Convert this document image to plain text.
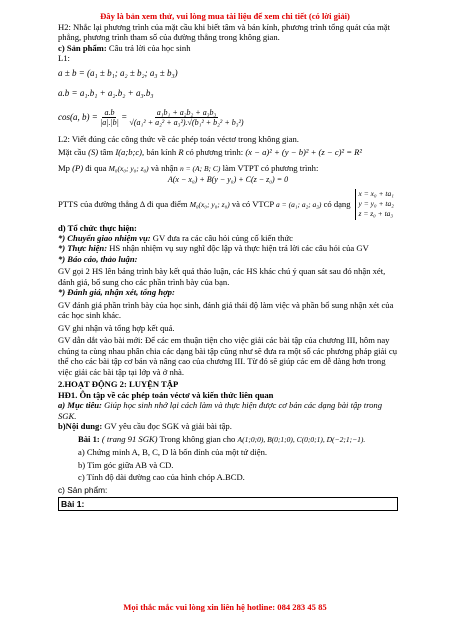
Đây là bản xem thử, vui lòng mua tài liệu để xem chi tiết (có lời giải)

H2: Nhắc lại phương trình của mặt cầu khi biết tâm và bán kính, phương trình tổng quát của mặt phẳng, phương trình tham số của đường thẳng trong không gian.

c) Sản phẩm: Câu trả lời của học sinh

L1:

a ± b = (a₁ ± b₁; a₂ ± b₂; a₃ ± b₃)
a.b = a₁.b₁ + a₂.b₂ + a₃.b₃
cos(a, b) =
$\frac{a.b}{|a|.|b|}$
=
$\frac{\text{a₁b₁ + a₂b₂ + a₃b₃}}{\text{√(a₁² + a₂² + a₃²).√(b₁² + b₂² + b₃²)}}$

L2: Viết đúng các công thức về các phép toán véctơ trong không gian.

Mặt cầu (S) tâm I(a;b;c), bán kính R có phương trình: (x − a)² + (y − b)² + (z − c)² = R²

Mp (P) đi qua M₀(x₀; y₀; z₀) và nhận n = (A; B; C) làm VTPT có phương trình:

A(x − x₀) + B(y − y₀) + C(z − z₀) = 0

PTTS của đường thẳng Δ đi qua điểm M₀(x₀; y₀; z₀) và có VTCP a = (a₁; a₂; a₃) có dạng
x = x₀ + ta₁
y = y₀ + ta₂
z = z₀ + ta₃

d) Tổ chức thực hiện:

*) Chuyển giao nhiệm vụ: GV đưa ra các câu hỏi củng cố kiến thức

*) Thực hiện: HS nhận nhiệm vụ suy nghĩ độc lập và thực hiện trả lời các câu hỏi của GV

*) Báo cáo, thảo luận:

GV gọi 2 HS lên bảng trình bày kết quả thảo luận, các HS khác chú ý quan sát sau đó nhận xét, đánh giá, bổ sung cho các phần trình bày của bạn.

*) Đánh giá, nhận xét, tổng hợp:

GV đánh giá phần trình bày của học sinh, đánh giá thái độ làm việc và phần bổ sung nhận xét của các học sinh khác.

GV ghi nhận và tổng hợp kết quả.

GV dẫn dắt vào bài mới: Để các em thuận tiện cho việc giải các bài tập của chương III, hôm nay chúng ta cùng nhau phân chia các dạng bài tập cũng như sẽ đưa ra một số các phương pháp giải cụ thể cho các bài tập cơ bản và nâng cao của chương III. Từ đó sẽ giúp các em dễ dàng hơn trong việc giải các bài tập tại lớp và ở nhà.

2.HOẠT ĐỘNG 2: LUYỆN TẬP

HĐ1. Ôn tập về các phép toán véctơ và kiến thức liên quan

a) Mục tiêu: Giúp học sinh nhớ lại cách làm và thực hiện được cơ bản các dạng bài tập trong SGK.

b)Nội dung: GV yêu cầu đọc SGK và giải bài tập.

Bài 1: ( trang 91 SGK) Trong không gian cho A(1;0;0), B(0;1;0), C(0;0;1), D(−2;1;−1).

a) Chứng minh A, B, C, D là bốn đỉnh của một tứ diện.

b) Tìm góc giữa AB và CD.

c) Tính độ dài đường cao của hình chóp A.BCD.

c) Sản phẩm:

Bài 1:
Mọi thắc mắc vui lòng xin liên hệ hotline: 084 283 45 85
